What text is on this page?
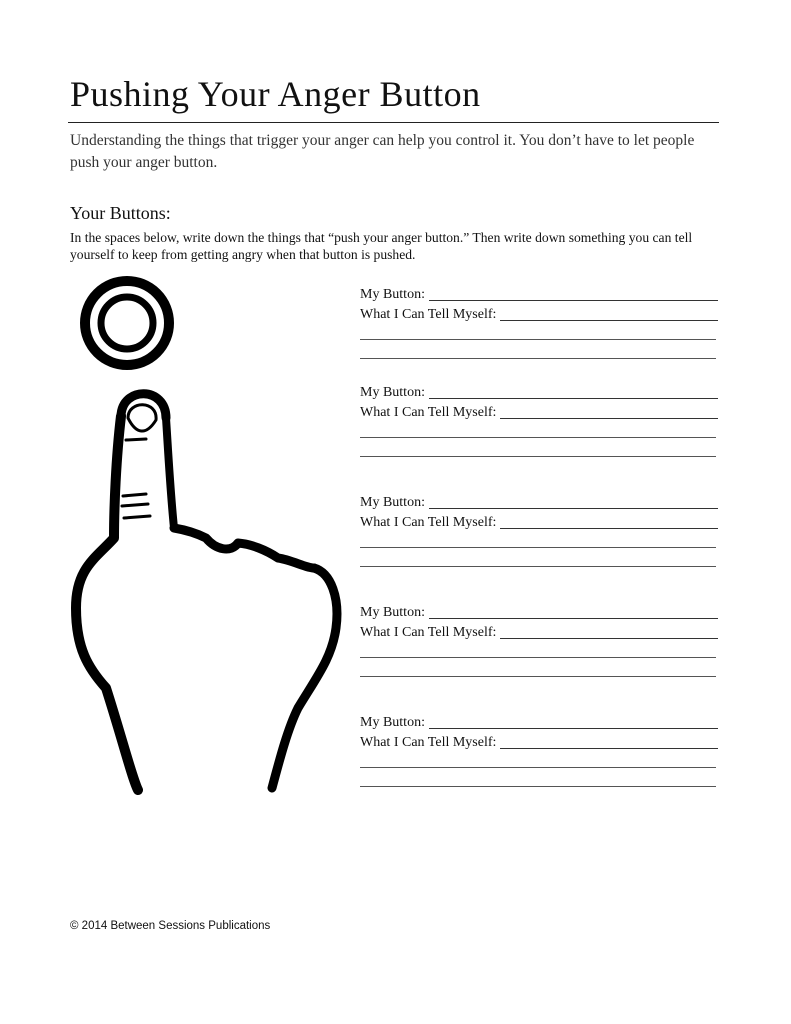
Pushing Your Anger Button

Understanding the things that trigger your anger can help you control it. You don’t have to let people push your anger button.

Your Buttons:

In the spaces below, write down the things that “push your anger button.” Then write down something you can tell yourself to keep from getting angry when that button is pushed.

My Button:
What I Can Tell Myself:
My Button:
What I Can Tell Myself:
My Button:
What I Can Tell Myself:
My Button:
What I Can Tell Myself:
My Button:
What I Can Tell Myself:

© 2014 Between Sessions Publications
